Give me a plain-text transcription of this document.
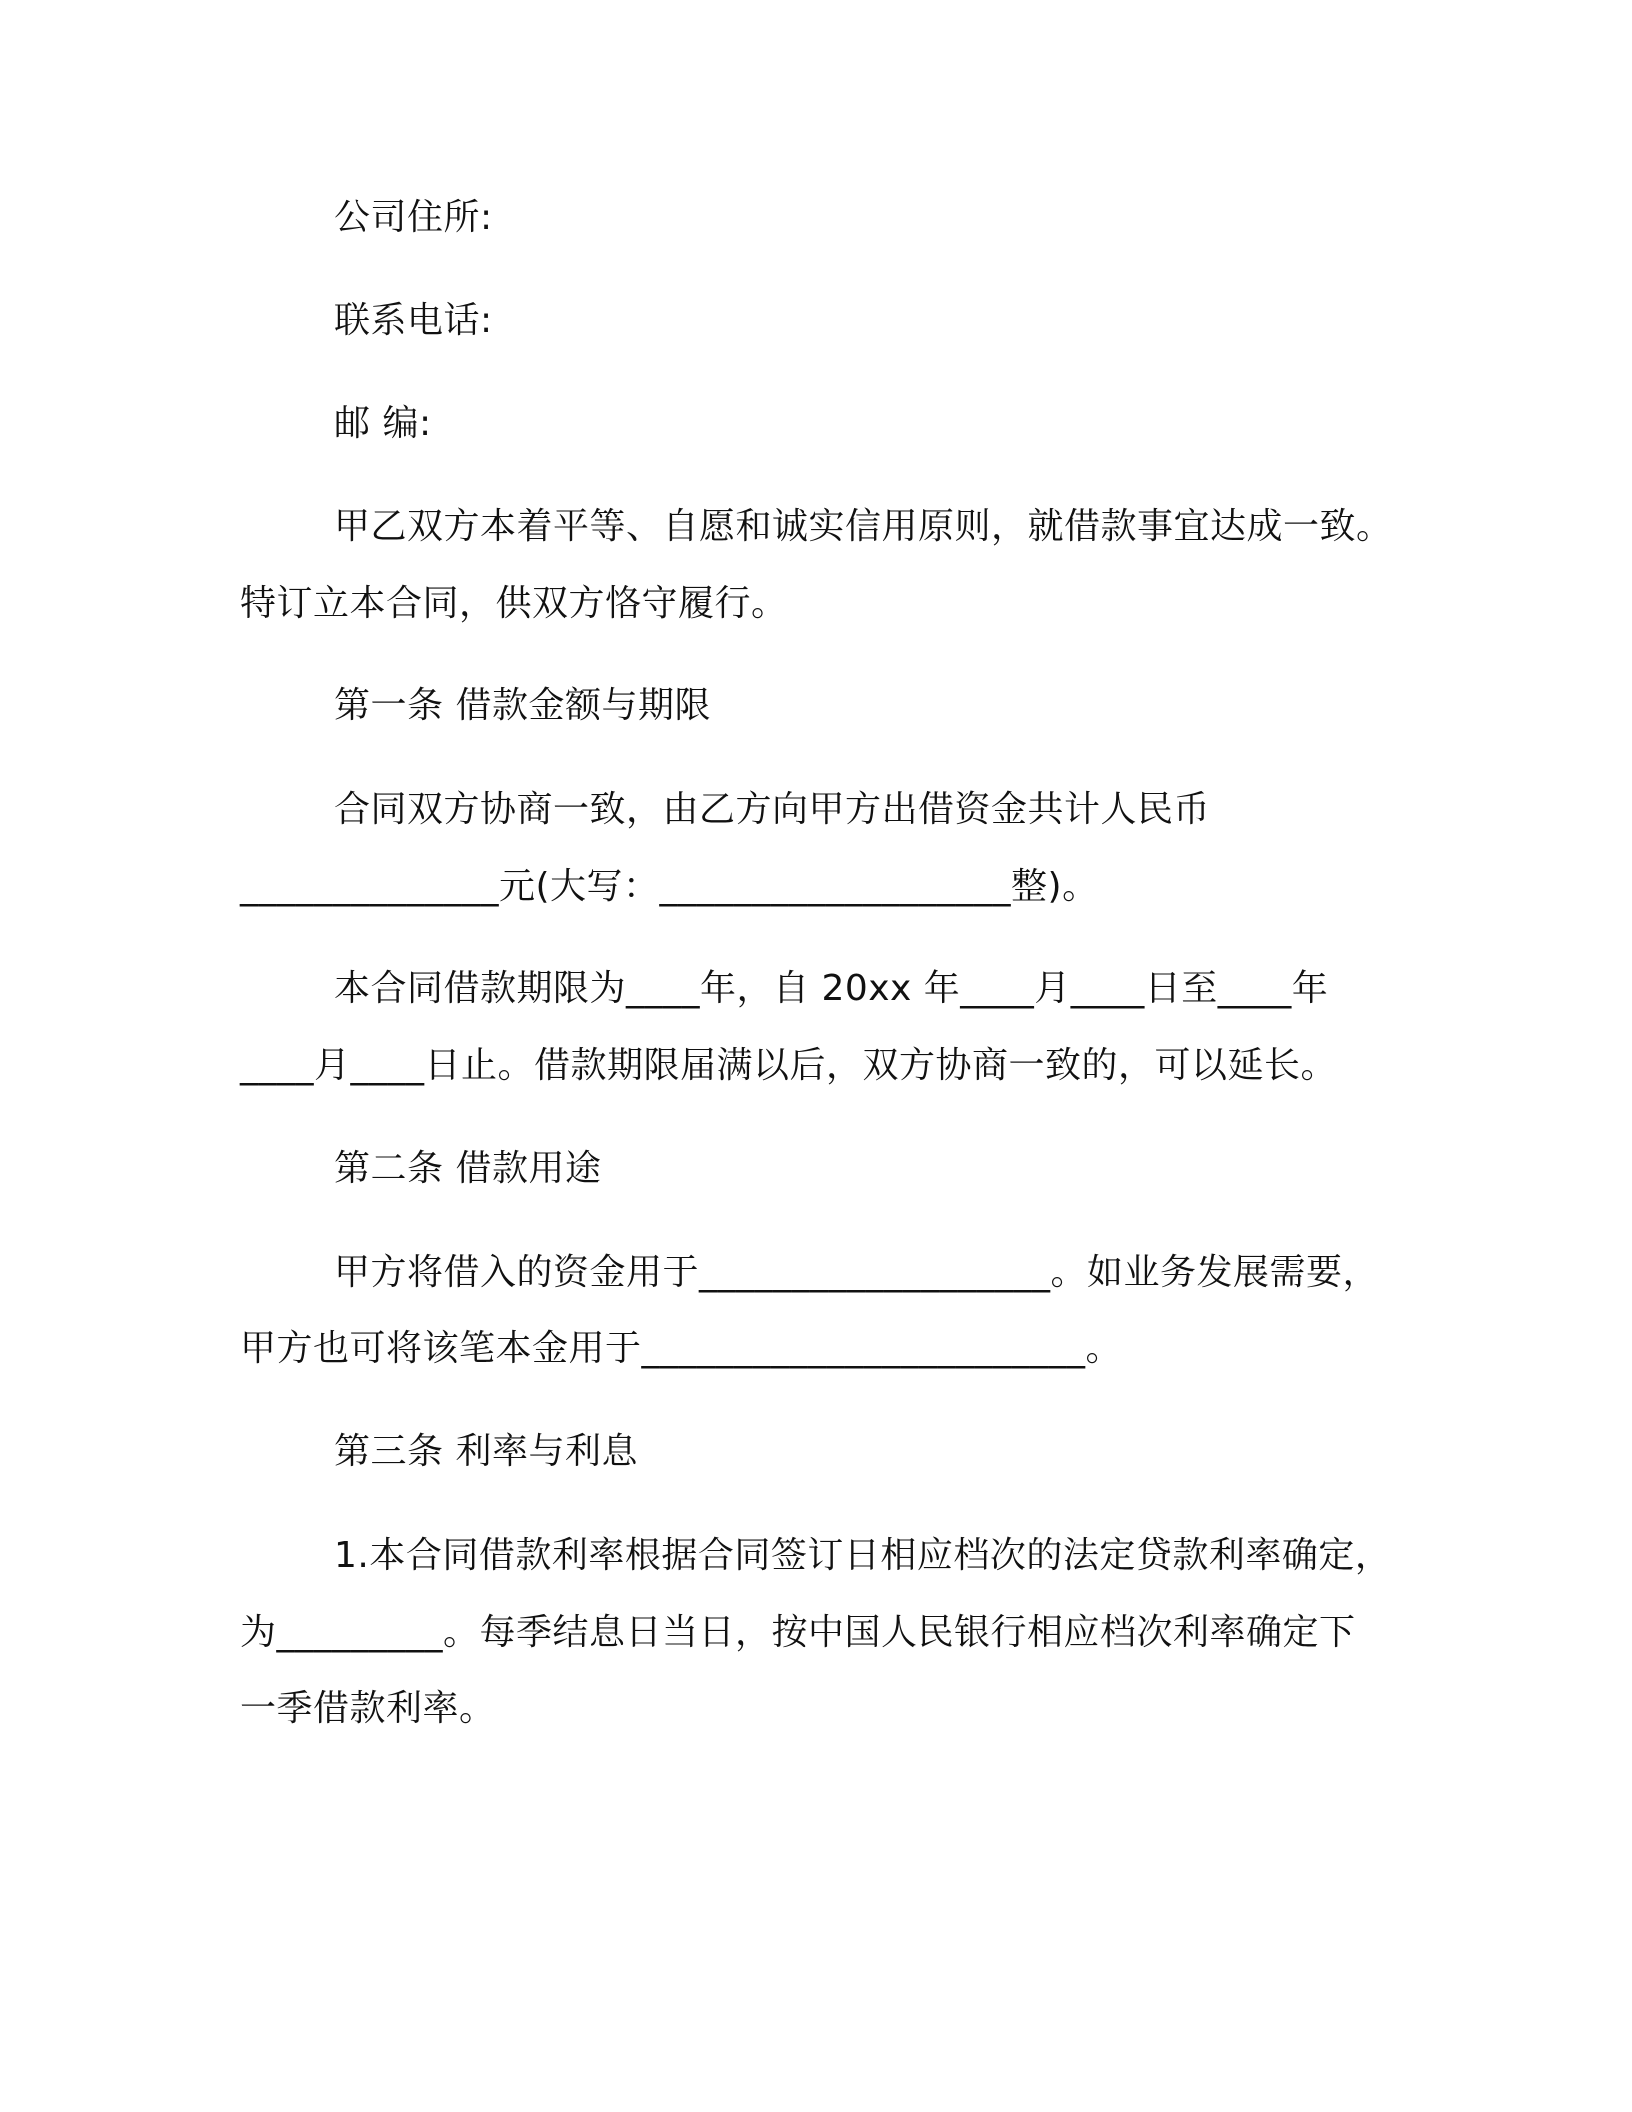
公司住所:
联系电话:
邮 编:
甲乙双方本着平等、自愿和诚实信用原则，就借款事宜达成一致。
特订立本合同，供双方恪守履行。
第一条 借款金额与期限
合同双方协商一致，由乙方向甲方出借资金共计人民币
______________元(大写：___________________整)。
本合同借款期限为____年，自 20xx 年____月____日至____年
____月____日止。借款期限届满以后，双方协商一致的，可以延长。
第二条 借款用途
甲方将借入的资金用于___________________。如业务发展需要，
甲方也可将该笔本金用于________________________。
第三条 利率与利息
1.本合同借款利率根据合同签订日相应档次的法定贷款利率确定，
为_________。每季结息日当日，按中国人民银行相应档次利率确定下
一季借款利率。
